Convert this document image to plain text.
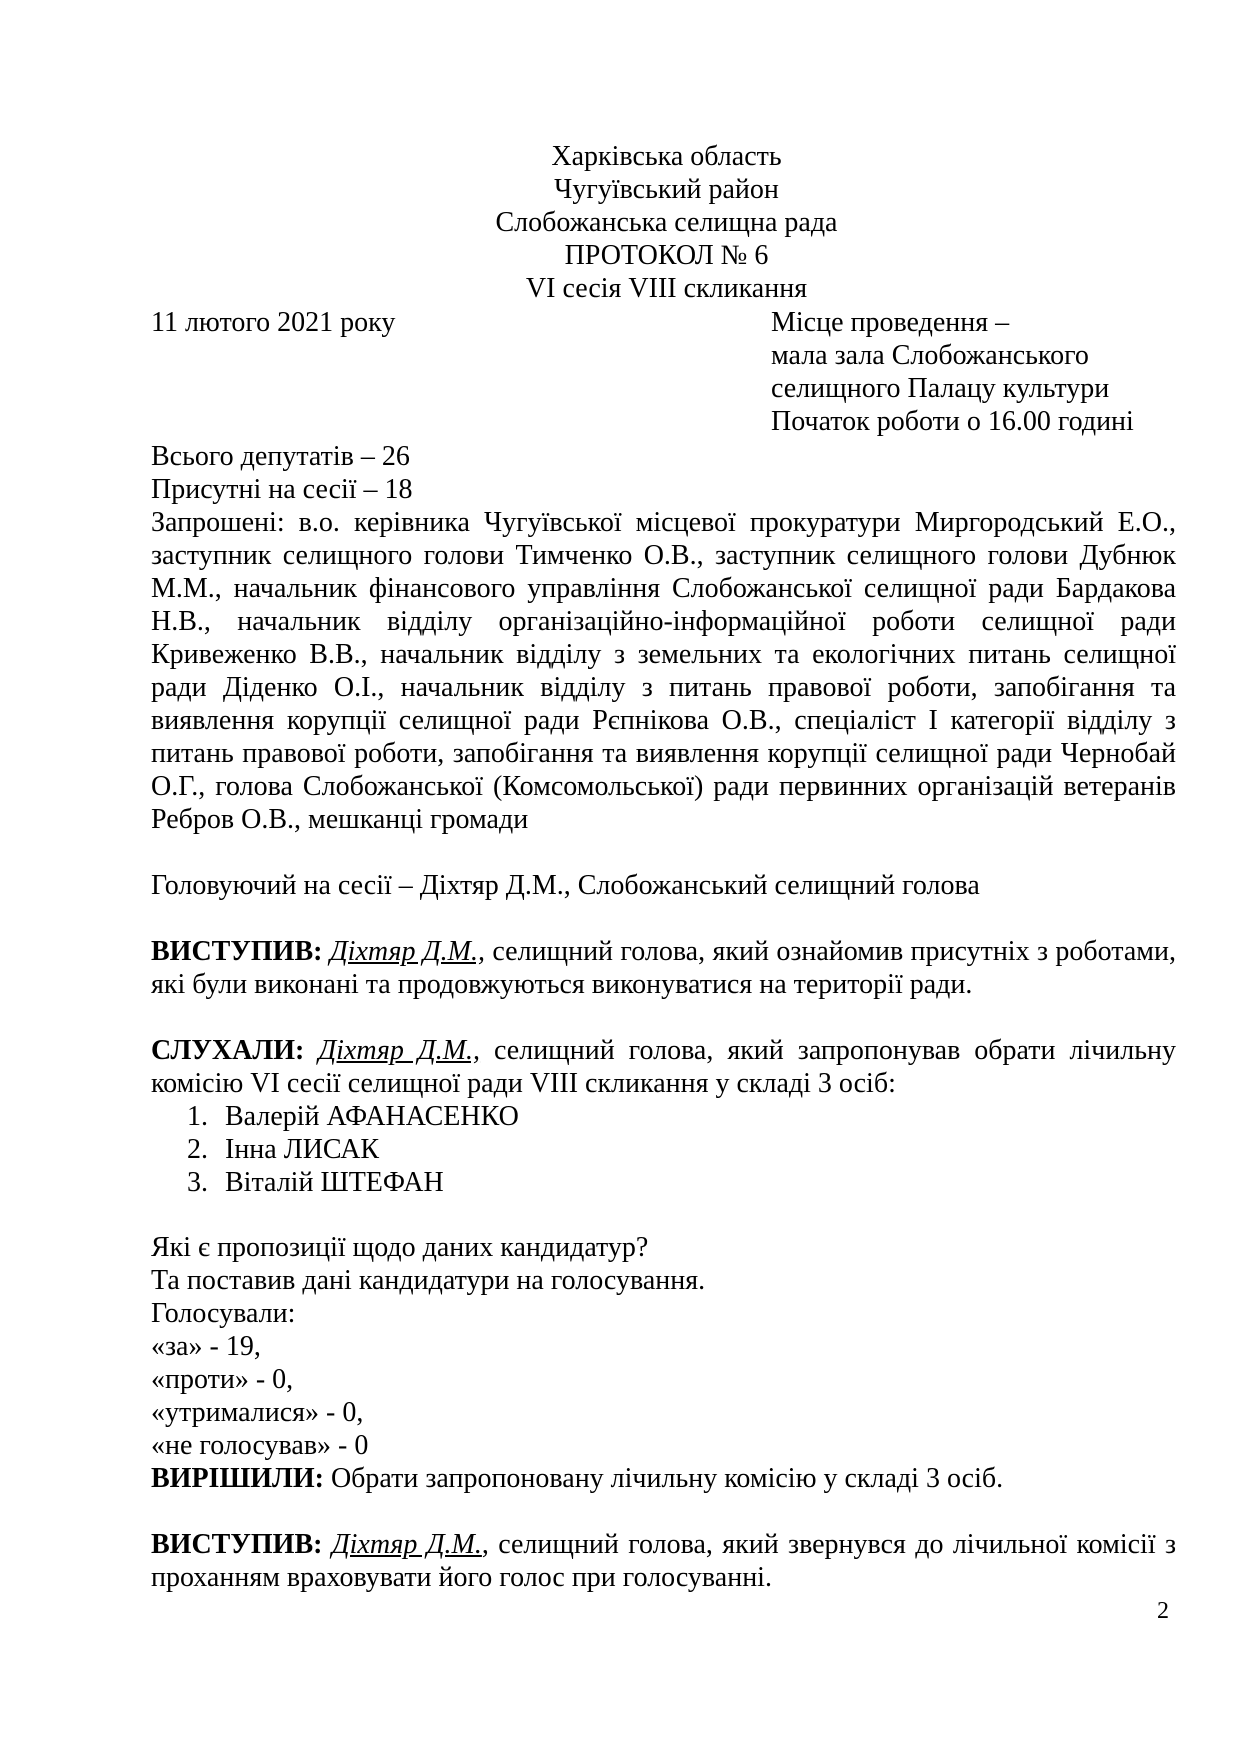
Харківська область
Чугуївський район
Слобожанська селищна рада
ПРОТОКОЛ № 6
VI сесія VIII скликання
11 лютого 2021 року	Місце проведення –
мала зала Слобожанського
селищного Палацу культури
Початок роботи о 16.00 годині
Всього депутатів – 26
Присутні на сесії – 18

Запрошені: в.о. керівника Чугуївської місцевої прокуратури Миргородський Е.О., заступник селищного голови Тимченко О.В., заступник селищного голови Дубнюк М.М., начальник фінансового управління Слобожанської селищної ради Бардакова Н.В., начальник відділу організаційно-інформаційної роботи селищної ради Кривеженко В.В., начальник відділу з земельних та екологічних питань селищної ради Діденко О.І., начальник відділу з питань правової роботи, запобігання та виявлення корупції селищної ради Рєпнікова О.В., спеціаліст І категорії відділу з питань правової роботи, запобігання та виявлення корупції селищної ради Чернобай О.Г., голова Слобожанської (Комсомольської) ради первинних організацій ветеранів Ребров О.В., мешканці громади

Головуючий на сесії – Діхтяр Д.М., Слобожанський селищний голова

ВИСТУПИВ: Діхтяр Д.М., селищний голова, який ознайомив присутніх з роботами, які були виконані та продовжуються виконуватися на території ради.

СЛУХАЛИ: Діхтяр Д.М., селищний голова, який запропонував обрати лічильну комісію VI сесії селищної ради VIII скликання у складі 3 осіб:

1. Валерій АФАНАСЕНКО
2. Інна ЛИСАК
3. Віталій ШТЕФАН
Які є пропозиції щодо даних кандидатур?
Та поставив дані кандидатури на голосування.
Голосували:
«за» - 19,
«проти» - 0,
«утрималися» - 0,
«не голосував» - 0
ВИРІШИЛИ: Обрати запропоновану лічильну комісію у складі 3 осіб.

ВИСТУПИВ: Діхтяр Д.М., селищний голова, який звернувся до лічильної комісії з проханням враховувати його голос при голосуванні.

2
